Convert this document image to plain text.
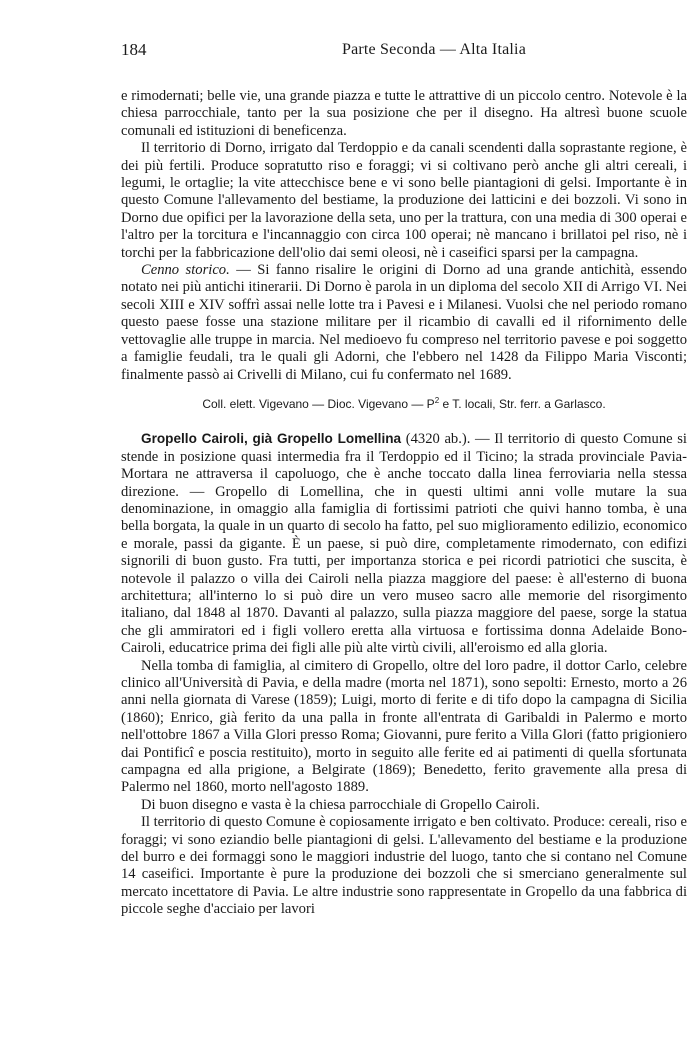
184	Parte Seconda — Alta Italia

e rimodernati; belle vie, una grande piazza e tutte le attrattive di un piccolo centro. Notevole è la chiesa parrocchiale, tanto per la sua posizione che per il disegno. Ha altresì buone scuole comunali ed istituzioni di beneficenza.

Il territorio di Dorno, irrigato dal Terdoppio e da canali scendenti dalla soprastante regione, è dei più fertili. Produce sopratutto riso e foraggi; vi si coltivano però anche gli altri cereali, i legumi, le ortaglie; la vite attecchisce bene e vi sono belle piantagioni di gelsi. Importante è in questo Comune l'allevamento del bestiame, la produzione dei latticini e dei bozzoli. Vi sono in Dorno due opifici per la lavorazione della seta, uno per la trattura, con una media di 300 operai e l'altro per la torcitura e l'incannaggio con circa 100 operai; nè mancano i brillatoi pel riso, nè i torchi per la fabbricazione dell'olio dai semi oleosi, nè i caseifici sparsi per la campagna.

Cenno storico. — Si fanno risalire le origini di Dorno ad una grande antichità, essendo notato nei più antichi itinerarii. Di Dorno è parola in un diploma del secolo XII di Arrigo VI. Nei secoli XIII e XIV soffrì assai nelle lotte tra i Pavesi e i Milanesi. Vuolsi che nel periodo romano questo paese fosse una stazione militare per il ricambio di cavalli ed il rifornimento delle vettovaglie alle truppe in marcia. Nel medioevo fu compreso nel territorio pavese e poi soggetto a famiglie feudali, tra le quali gli Adorni, che l'ebbero nel 1428 da Filippo Maria Visconti; finalmente passò ai Crivelli di Milano, cui fu confermato nel 1689.

Coll. elett. Vigevano — Dioc. Vigevano — $P^2$ e T. locali, Str. ferr. a Garlasco.

Gropello Cairoli, già Gropello Lomellina (4320 ab.). — Il territorio di questo Comune si stende in posizione quasi intermedia fra il Terdoppio ed il Ticino; la strada provinciale Pavia-Mortara ne attraversa il capoluogo, che è anche toccato dalla linea ferroviaria nella stessa direzione. — Gropello di Lomellina, che in questi ultimi anni volle mutare la sua denominazione, in omaggio alla famiglia di fortissimi patrioti che quivi hanno tomba, è una bella borgata, la quale in un quarto di secolo ha fatto, pel suo miglioramento edilizio, economico e morale, passi da gigante. È un paese, si può dire, completamente rimodernato, con edifizi signorili di buon gusto. Fra tutti, per importanza storica e pei ricordi patriotici che suscita, è notevole il palazzo o villa dei Cairoli nella piazza maggiore del paese: è all'esterno di buona architettura; all'interno lo si può dire un vero museo sacro alle memorie del risorgimento italiano, dal 1848 al 1870. Davanti al palazzo, sulla piazza maggiore del paese, sorge la statua che gli ammiratori ed i figli vollero eretta alla virtuosa e fortissima donna Adelaide Bono-Cairoli, educatrice prima dei figli alle più alte virtù civili, all'eroismo ed alla gloria.

Nella tomba di famiglia, al cimitero di Gropello, oltre del loro padre, il dottor Carlo, celebre clinico all'Università di Pavia, e della madre (morta nel 1871), sono sepolti: Ernesto, morto a 26 anni nella giornata di Varese (1859); Luigi, morto di ferite e di tifo dopo la campagna di Sicilia (1860); Enrico, già ferito da una palla in fronte all'entrata di Garibaldi in Palermo e morto nell'ottobre 1867 a Villa Glori presso Roma; Giovanni, pure ferito a Villa Glori (fatto prigioniero dai Pontificî e poscia restituito), morto in seguito alle ferite ed ai patimenti di quella sfortunata campagna ed alla prigione, a Belgirate (1869); Benedetto, ferito gravemente alla presa di Palermo nel 1860, morto nell'agosto 1889.

Di buon disegno e vasta è la chiesa parrocchiale di Gropello Cairoli.

Il territorio di questo Comune è copiosamente irrigato e ben coltivato. Produce: cereali, riso e foraggi; vi sono eziandio belle piantagioni di gelsi. L'allevamento del bestiame e la produzione del burro e dei formaggi sono le maggiori industrie del luogo, tanto che si contano nel Comune 14 caseifici. Importante è pure la produzione dei bozzoli che si smerciano generalmente sul mercato incettatore di Pavia. Le altre industrie sono rappresentate in Gropello da una fabbrica di piccole seghe d'acciaio per lavori
